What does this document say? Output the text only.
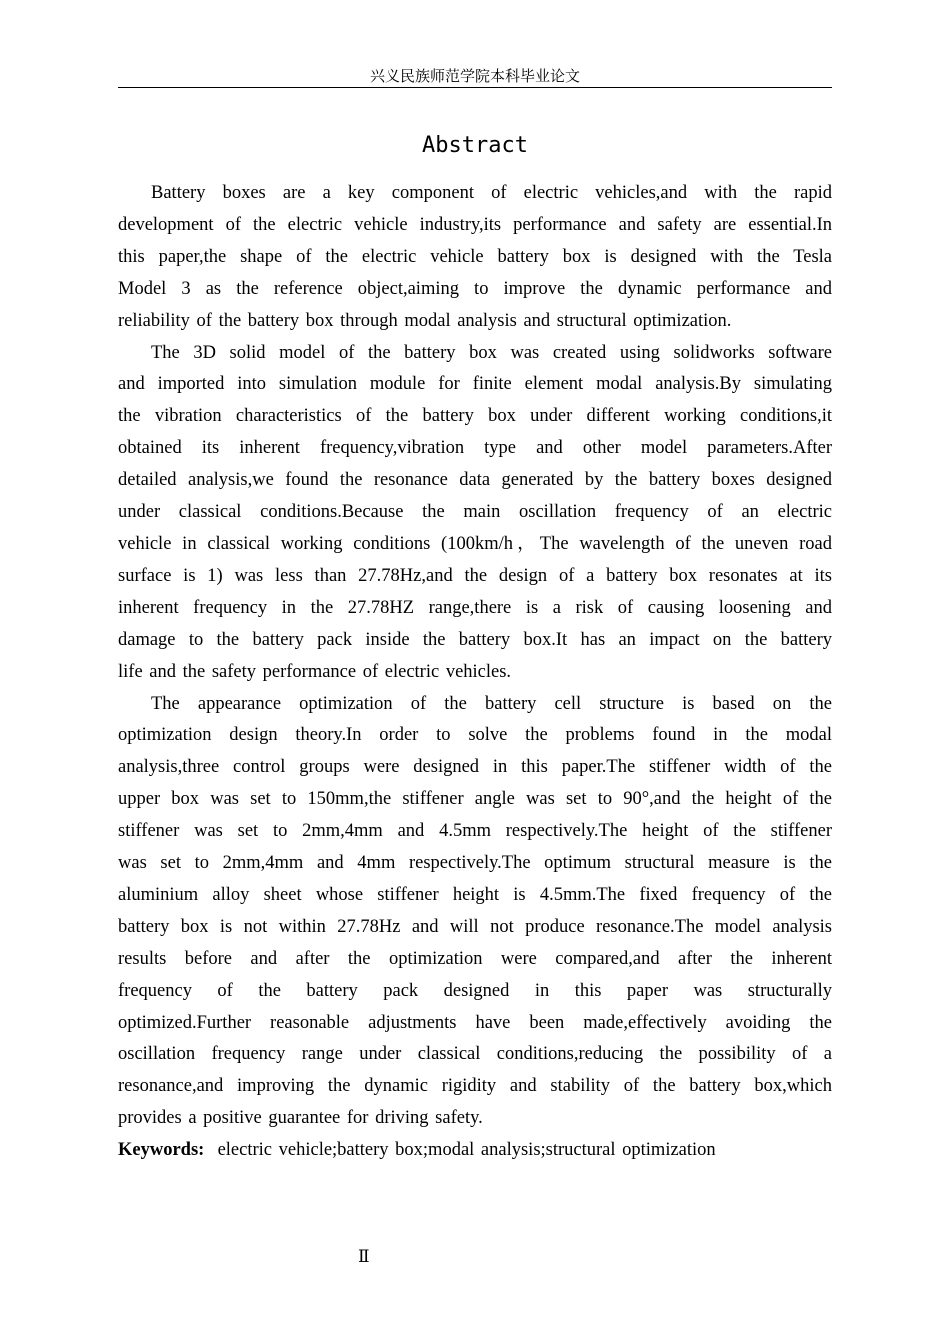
兴义民族师范学院本科毕业论文
Abstract
Battery boxes are a key component of electric vehicles,and with the rapid
development of the electric vehicle industry,its performance and safety are essential.In
this paper,the shape of the electric vehicle battery box is designed with the Tesla
Model 3 as the reference object,aiming to improve the dynamic performance and
reliability of the battery box through modal analysis and structural optimization.
The 3D solid model of the battery box was created using solidworks software
and imported into simulation module for finite element modal analysis.By simulating
the vibration characteristics of the battery box under different working conditions,it
obtained its inherent frequency,vibration type and other model parameters.After
detailed analysis,we found the resonance data generated by the battery boxes designed
under classical conditions.Because the main oscillation frequency of an electric
vehicle in classical working conditions (100km/h，The wavelength of the uneven road
surface is 1) was less than 27.78Hz,and the design of a battery box resonates at its
inherent frequency in the 27.78HZ range,there is a risk of causing loosening and
damage to the battery pack inside the battery box.It has an impact on the battery
life and the safety performance of electric vehicles.
The appearance optimization of the battery cell structure is based on the
optimization design theory.In order to solve the problems found in the modal
analysis,three control groups were designed in this paper.The stiffener width of the
upper box was set to 150mm,the stiffener angle was set to 90°,and the height of the
stiffener was set to 2mm,4mm and 4.5mm respectively.The height of the stiffener
was set to 2mm,4mm and 4mm respectively.The optimum structural measure is the
aluminium alloy sheet whose stiffener height is 4.5mm.The fixed frequency of the
battery box is not within 27.78Hz and will not produce resonance.The model analysis
results before and after the optimization were compared,and after the inherent
frequency of the battery pack designed in this paper was structurally
optimized.Further reasonable adjustments have been made,effectively avoiding the
oscillation frequency range under classical conditions,reducing the possibility of a
resonance,and improving the dynamic rigidity and stability of the battery box,which
provides a positive guarantee for driving safety.
Keywords: electric vehicle;battery box;modal analysis;structural optimization
Ⅱ
